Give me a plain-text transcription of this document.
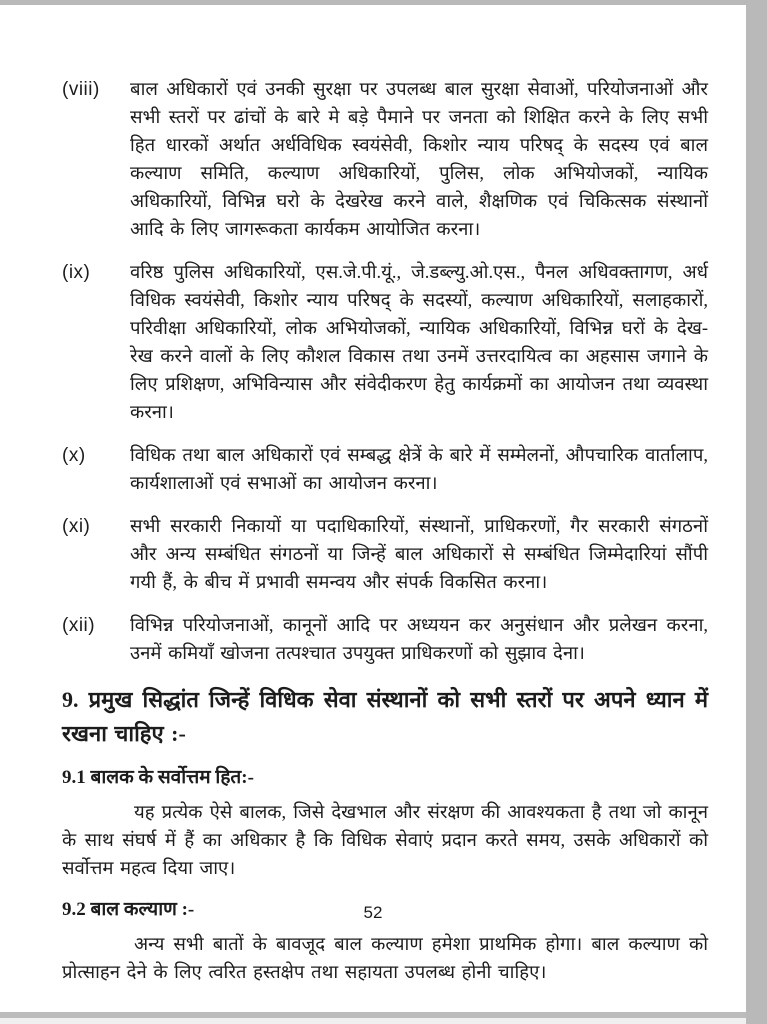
(viii)	बाल अधिकारों एवं उनकी सुरक्षा पर उपलब्ध बाल सुरक्षा सेवाओं, परियोजनाओं और सभी स्तरों पर ढांचों के बारे मे बड़े पैमाने पर जनता को शिक्षित करने के लिए सभी हित धारकों अर्थात अर्धविधिक स्वयंसेवी, किशोर न्याय परिषद् के सदस्य एवं बाल कल्याण समिति, कल्याण अधिकारियों, पुलिस, लोक अभियोजकों, न्यायिक अधिकारियों, विभिन्न घरो के देखरेख करने वाले, शैक्षणिक एवं चिकित्सक संस्थानों आदि के लिए जागरूकता कार्यकम आयोजित करना।
(ix)	वरिष्ठ पुलिस अधिकारियों, एस.जे.पी.यूं., जे.डब्ल्यु.ओ.एस., पैनल अधिवक्तागण, अर्ध विधिक स्वयंसेवी, किशोर न्याय परिषद् के सदस्यों, कल्याण अधिकारियों, सलाहकारों, परिवीक्षा अधिकारियों, लोक अभियोजकों, न्यायिक अधिकारियों, विभिन्न घरों के देख-रेख करने वालों के लिए कौशल विकास तथा उनमें उत्तरदायित्व का अहसास जगाने के लिए प्रशिक्षण, अभिविन्यास और संवेदीकरण हेतु कार्यक्रमों का आयोजन तथा व्यवस्था करना।
(x)	विधिक तथा बाल अधिकारों एवं सम्बद्ध क्षेत्रें के बारे में सम्मेलनों, औपचारिक वार्तालाप, कार्यशालाओं एवं सभाओं का आयोजन करना।
(xi)	सभी सरकारी निकायों या पदाधिकारियों, संस्थानों, प्राधिकरणों, गैर सरकारी संगठनों और अन्य सम्बंधित संगठनों या जिन्हें बाल अधिकारों से सम्बंधित जिम्मेदारियां सौंपी गयी हैं, के बीच में प्रभावी समन्वय और संपर्क विकसित करना।
(xii)	विभिन्न परियोजनाओं, कानूनों आदि पर अध्ययन कर अनुसंधान और प्रलेखन करना, उनमें कमियाँ खोजना तत्पश्चात उपयुक्त प्राधिकरणों को सुझाव देना।
9. प्रमुख सिद्धांत जिन्हें विधिक सेवा संस्थानों को सभी स्तरों पर अपने ध्यान में रखना चाहिए :-
9.1 बालक के सर्वोत्तम हित:-

यह प्रत्येक ऐसे बालक, जिसे देखभाल और संरक्षण की आवश्यकता है तथा जो कानून के साथ संघर्ष में हैं का अधिकार है कि विधिक सेवाएं प्रदान करते समय, उसके अधिकारों को सर्वोत्तम महत्व दिया जाए।

9.2 बाल कल्याण :-

अन्य सभी बातों के बावजूद बाल कल्याण हमेशा प्राथमिक होगा। बाल कल्याण को प्रोत्साहन देने के लिए त्वरित हस्तक्षेप तथा सहायता उपलब्ध होनी चाहिए।

52
